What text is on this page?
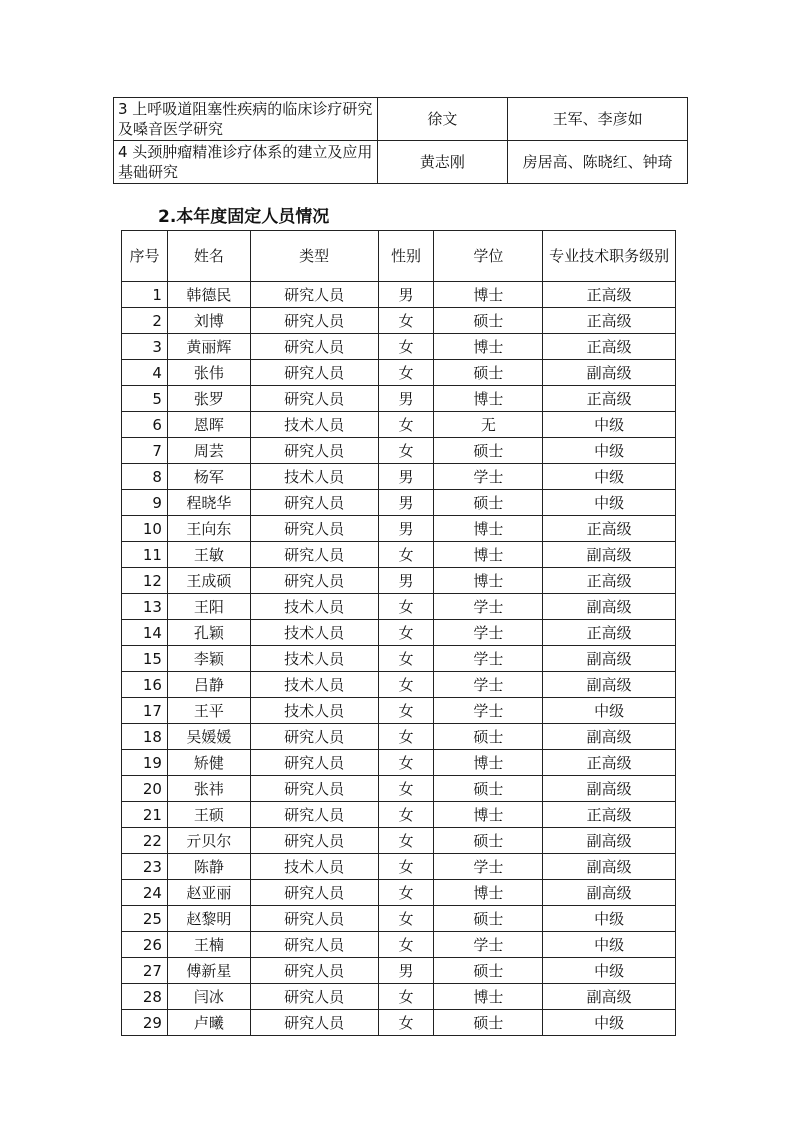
3 上呼吸道阻塞性疾病的临床诊疗研究及嗓音医学研究	徐文	王军、李彦如
4 头颈肿瘤精准诊疗体系的建立及应用基础研究	黄志刚	房居高、陈晓红、钟琦
2.本年度固定人员情况
序号	姓名	类型	性别	学位	专业技术职务级别
1	韩德民	研究人员	男	博士	正高级
2	刘博	研究人员	女	硕士	正高级
3	黄丽辉	研究人员	女	博士	正高级
4	张伟	研究人员	女	硕士	副高级
5	张罗	研究人员	男	博士	正高级
6	恩晖	技术人员	女	无	中级
7	周芸	研究人员	女	硕士	中级
8	杨军	技术人员	男	学士	中级
9	程晓华	研究人员	男	硕士	中级
10	王向东	研究人员	男	博士	正高级
11	王敏	研究人员	女	博士	副高级
12	王成硕	研究人员	男	博士	正高级
13	王阳	技术人员	女	学士	副高级
14	孔颖	技术人员	女	学士	正高级
15	李颖	技术人员	女	学士	副高级
16	吕静	技术人员	女	学士	副高级
17	王平	技术人员	女	学士	中级
18	吴媛媛	研究人员	女	硕士	副高级
19	矫健	研究人员	女	博士	正高级
20	张祎	研究人员	女	硕士	副高级
21	王硕	研究人员	女	博士	正高级
22	亓贝尔	研究人员	女	硕士	副高级
23	陈静	技术人员	女	学士	副高级
24	赵亚丽	研究人员	女	博士	副高级
25	赵黎明	研究人员	女	硕士	中级
26	王楠	研究人员	女	学士	中级
27	傅新星	研究人员	男	硕士	中级
28	闫冰	研究人员	女	博士	副高级
29	卢曦	研究人员	女	硕士	中级
